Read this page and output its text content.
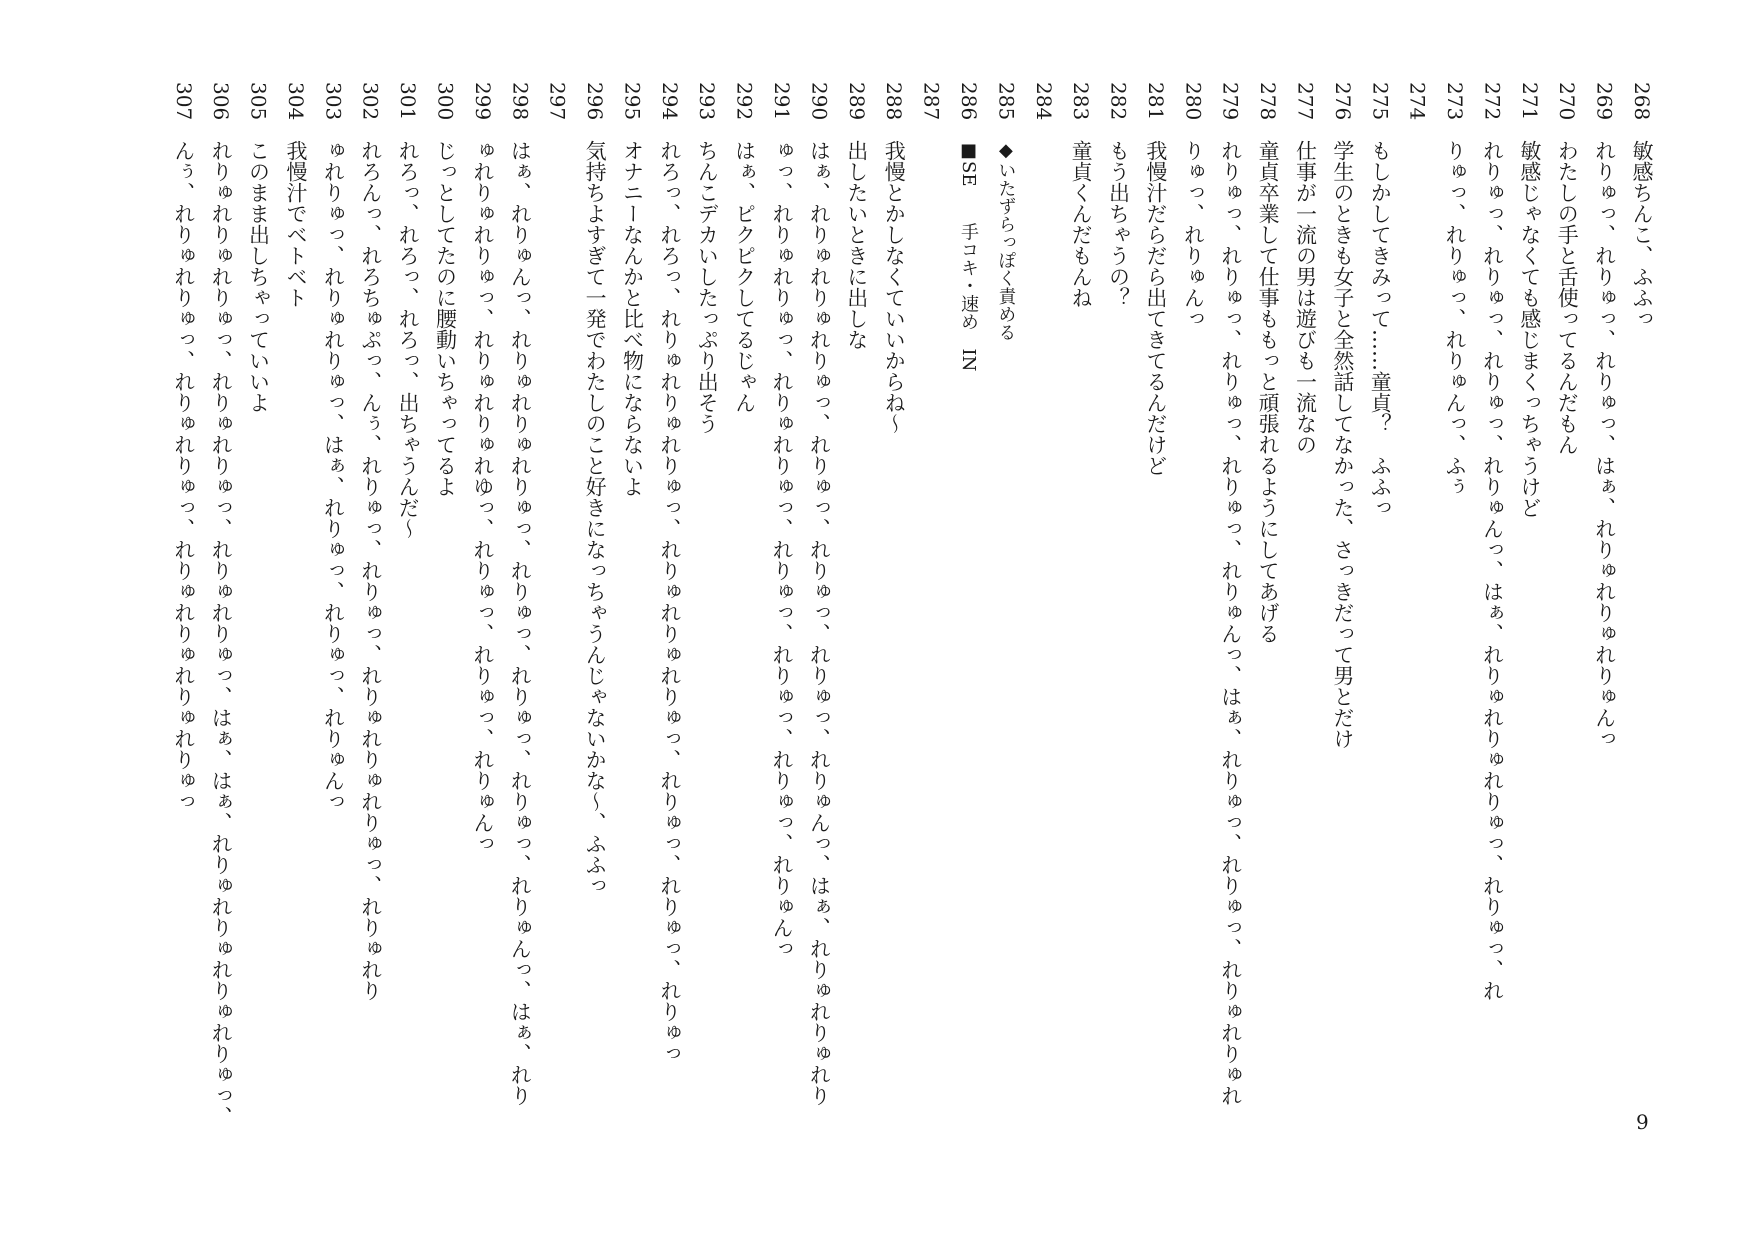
268
敏感ちんこ、ふふっ
269
れりゅっ、れりゅっ、れりゅっ、はぁ、れりゅれりゅれりゅんっ
270
わたしの手と舌使ってるんだもん
271
敏感じゃなくても感じまくっちゃうけど
272
れりゅっ、れりゅっ、れりゅっ、れりゅんっ、はぁ、れりゅれりゅれりゅっ、れりゅっ、れ
273
りゅっ、れりゅっ、れりゅんっ、ふぅ
274
275
もしかしてきみって……童貞？　ふふっ
276
学生のときも女子と全然話してなかった、さっきだって男とだけ
277
仕事が一流の男は遊びも一流なの
278
童貞卒業して仕事ももっと頑張れるようにしてあげる
279
れりゅっ、れりゅっ、れりゅっ、れりゅっ、れりゅんっ、はぁ、れりゅっ、れりゅっ、れりゅれりゅれ
280
りゅっ、れりゅんっ
281
我慢汁だらだら出てきてるんだけど
282
もう出ちゃうの？
283
童貞くんだもんね
284
285
◆いたずらっぽく責める
286
■SE　　手コキ・速め　IN
287
288
我慢とかしなくていいからね～
289
出したいときに出しな
290
はぁ、れりゅれりゅれりゅっ、れりゅっ、れりゅっ、れりゅっ、れりゅんっ、はぁ、れりゅれりゅれり
291
ゅっ、れりゅれりゅっ、れりゅれりゅっ、れりゅっ、れりゅっ、れりゅっ、れりゅんっ
292
はぁ、ピクピクしてるじゃん
293
ちんこデカいしたっぷり出そう
294
れろっ、れろっ、れりゅれりゅれりゅっ、れりゅれりゅれりゅっ、れりゅっ、れりゅっ、れりゅっ
295
オナニーなんかと比べ物にならないよ
296
気持ちよすぎて一発でわたしのこと好きになっちゃうんじゃないかな～、ふふっ
297
298
はぁ、れりゅんっ、れりゅれりゅれりゅっ、れりゅっ、れりゅっ、れりゅっ、れりゅんっ、はぁ、れり
299
ゅれりゅれりゅっ、れりゅれりゅれゆっ、れりゅっ、れりゅっ、れりゅんっ
300
じっとしてたのに腰動いちゃってるよ
301
れろっ、れろっ、れろっ、出ちゃうんだ～
302
れろんっ、れろちゅぷっ、んぅ、れりゅっ、れりゅっ、れりゅれりゅれりゅっ、れりゅれり
303
ゅれりゅっ、れりゅれりゅっ、はぁ、れりゅっ、れりゅっ、れりゅんっ
304
我慢汁でベトベト
305
このまま出しちゃっていいよ
306
れりゅれりゅれりゅっ、れりゅれりゅっ、れりゅれりゅっ、はぁ、はぁ、れりゅれりゅれりゅれりゅっ、
307
んぅ、れりゅれりゅっ、れりゅれりゅっ、れりゅれりゅれりゅれりゅっ
9
